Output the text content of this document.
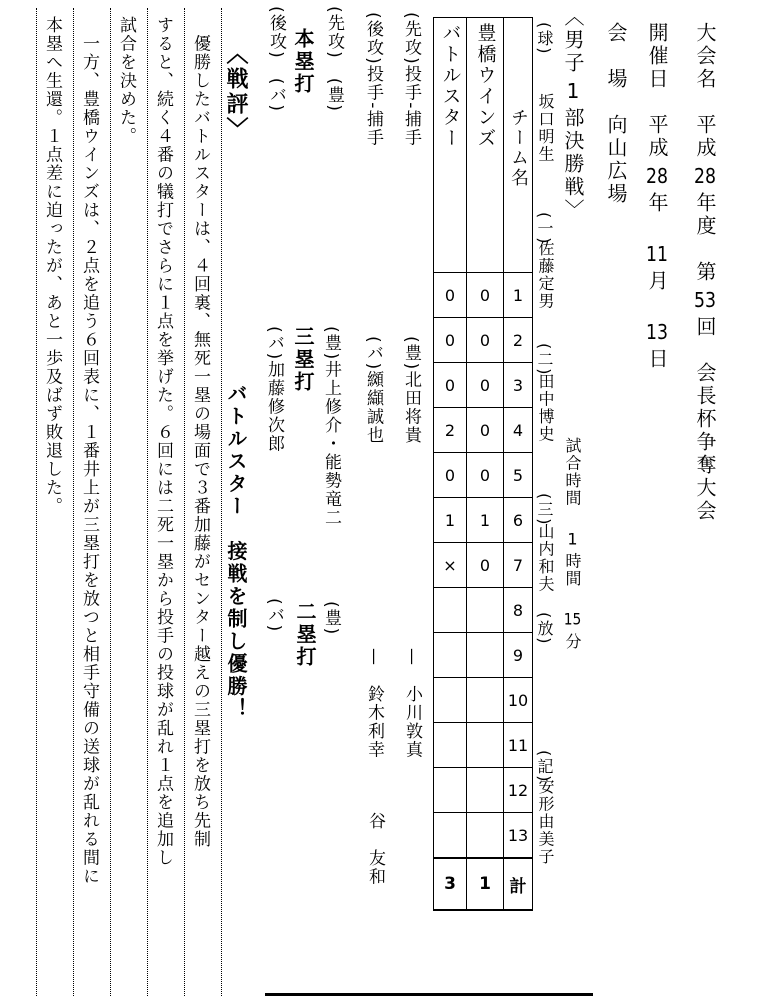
大会名　平成28年度　第53回　会長杯争奪大会
開催日　平成28年　11月　13日
会　場　向山広場
〈男子1部決勝戦〉
試合時間　1時間　15分
(球)
坂口明生
(一)
佐藤定男
(二)
田中博史
(三)
山内和夫
(放)
(記)
安形由美子
バトルスター	豊橋ウインズ	チーム名

0	0	1
0	0	2
0	0	3
2	0	4
0	0	5
1	1	6
×	0	7
		8
		9
		10
		11
		12
		13
3	1	計
(先攻)投手‐捕手
(豊)北田将貴
—　小川敦真
(後攻)投手‐捕手
(バ)纐纈誠也
—　鈴木利幸
谷　友和
(先攻)　(豊)
本塁打
(後攻)　(バ)
(豊)井上修介・能勢竜二
三塁打
(バ)加藤修次郎
(豊)
二塁打
(バ)
〈戦評〉
バトルスター　接戦を制し優勝！
　優勝したバトルスターは、４回裏、無死一塁の場面で３番加藤がセンター越えの三塁打を放ち先制
すると、続く４番の犠打でさらに１点を挙げた。６回には二死一塁から投手の投球が乱れ１点を追加し
試合を決めた。
　一方、豊橋ウインズは、２点を追う６回表に、１番井上が三塁打を放つと相手守備の送球が乱れる間に
本塁へ生還。１点差に迫ったが、あと一歩及ばず敗退した。
